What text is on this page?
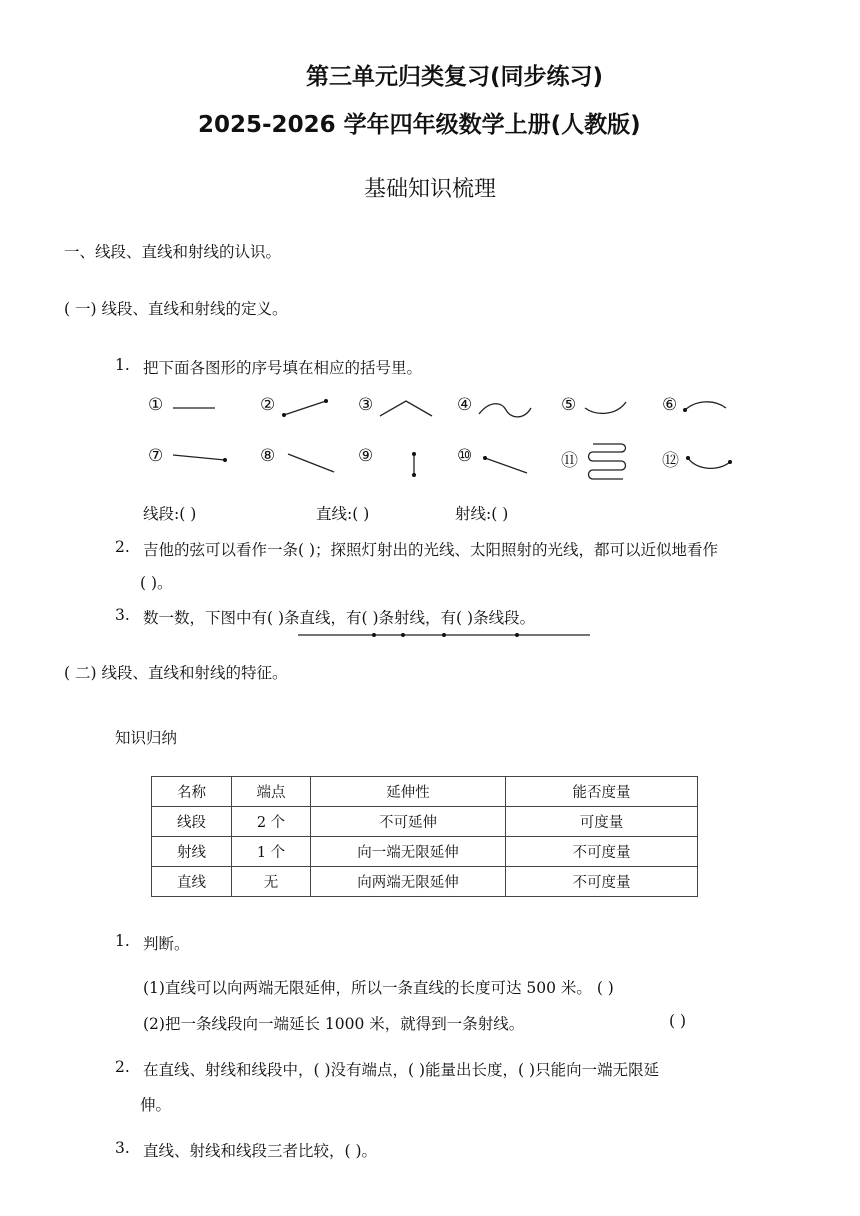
第三单元归类复习(同步练习)
2025-2026 学年四年级数学上册(人教版)
基础知识梳理
一、线段、直线和射线的认识。
( 一) 线段、直线和射线的定义。
1. 把下面各图形的序号填在相应的括号里。
①	②	③	④	⑤	⑥
⑦	⑧	⑨	⑩	⑪	⑫
线段:( )	直线:( )	射线:( )
2. 吉他的弦可以看作一条( )；探照灯射出的光线、太阳照射的光线，都可以近似地看作
( )。
3. 数一数，下图中有( )条直线，有( )条射线，有( )条线段。
( 二) 线段、直线和射线的特征。
知识归纳
名称	端点	延伸性	能否度量
线段	2 个	不可延伸	可度量
射线	1 个	向一端无限延伸	不可度量
直线	无	向两端无限延伸	不可度量
1. 判断。
(1)直线可以向两端无限延伸，所以一条直线的长度可达 500 米。 ( )
(2)把一条线段向一端延长 1000 米，就得到一条射线。	( )
2. 在直线、射线和线段中，( )没有端点，( )能量出长度，( )只能向一端无限延
伸。
3. 直线、射线和线段三者比较，( )。
